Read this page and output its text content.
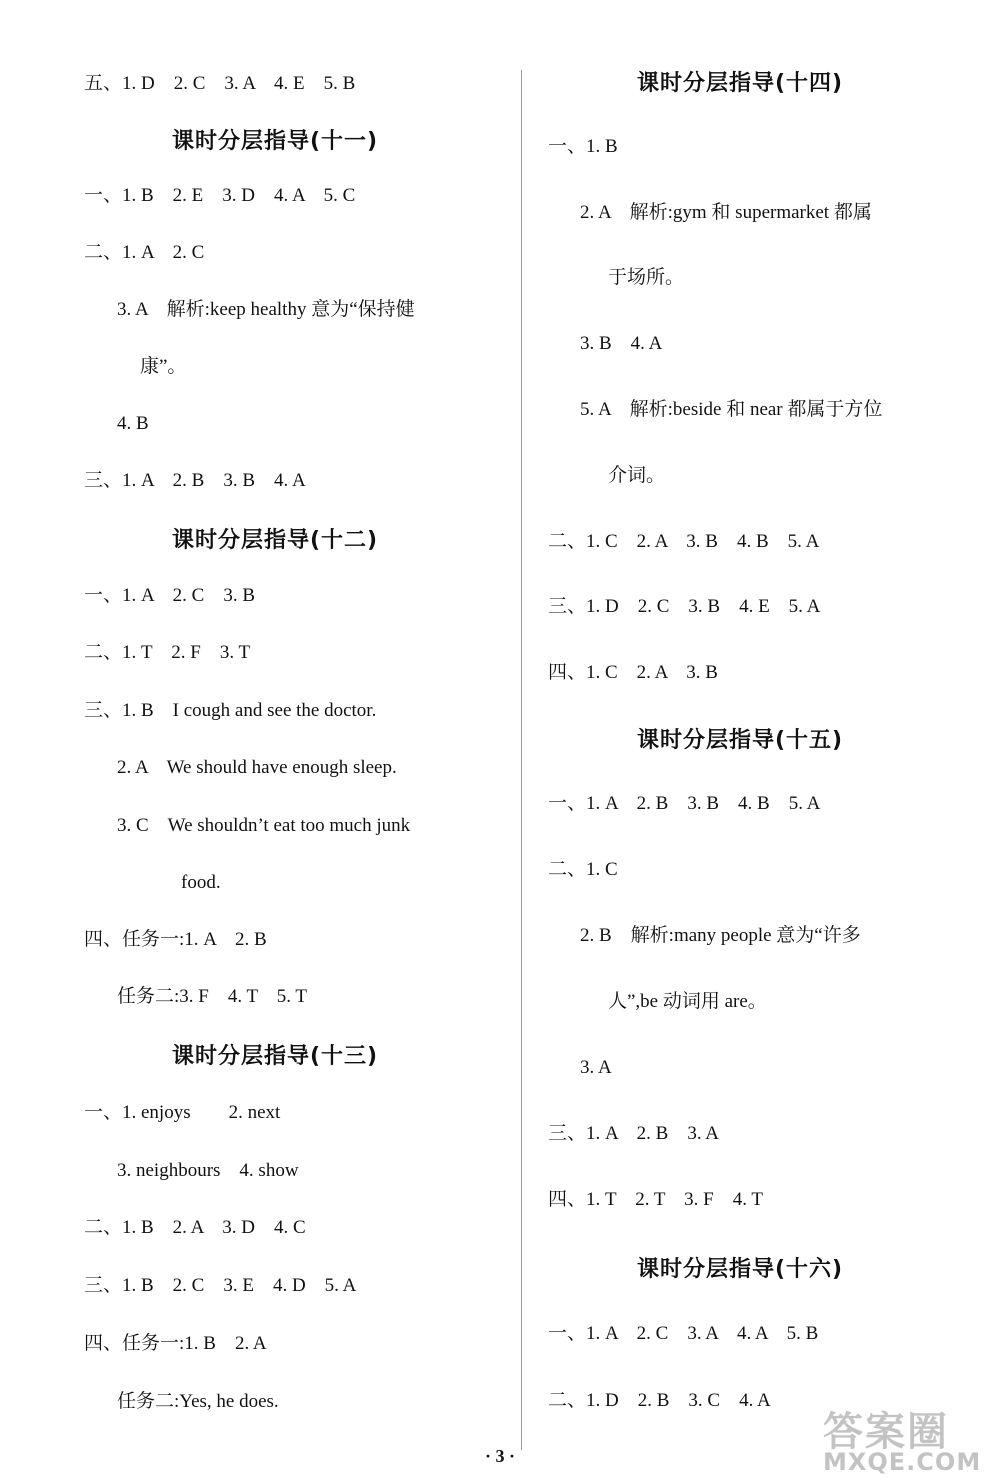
五、1. D　2. C　3. A　4. E　5. B
课时分层指导(十一)
一、1. B　2. E　3. D　4. A　5. C
二、1. A　2. C
3. A　解析:keep healthy 意为“保持健
康”。
4. B
三、1. A　2. B　3. B　4. A
课时分层指导(十二)
一、1. A　2. C　3. B
二、1. T　2. F　3. T
三、1. B　I cough and see the doctor.
2. A　We should have enough sleep.
3. C　We shouldn’t eat too much junk
food.
四、任务一:1. A　2. B
任务二:3. F　4. T　5. T
课时分层指导(十三)
一、1. enjoys　　2. next
3. neighbours　4. show
二、1. B　2. A　3. D　4. C
三、1. B　2. C　3. E　4. D　5. A
四、任务一:1. B　2. A
任务二:Yes, he does.
课时分层指导(十四)
一、1. B
2. A　解析:gym 和 supermarket 都属
于场所。
3. B　4. A
5. A　解析:beside 和 near 都属于方位
介词。
二、1. C　2. A　3. B　4. B　5. A
三、1. D　2. C　3. B　4. E　5. A
四、1. C　2. A　3. B
课时分层指导(十五)
一、1. A　2. B　3. B　4. B　5. A
二、1. C
2. B　解析:many people 意为“许多
人”,be 动词用 are。
3. A
三、1. A　2. B　3. A
四、1. T　2. T　3. F　4. T
课时分层指导(十六)
一、1. A　2. C　3. A　4. A　5. B
二、1. D　2. B　3. C　4. A
答案圈
MXQE.COM
· 3 ·
